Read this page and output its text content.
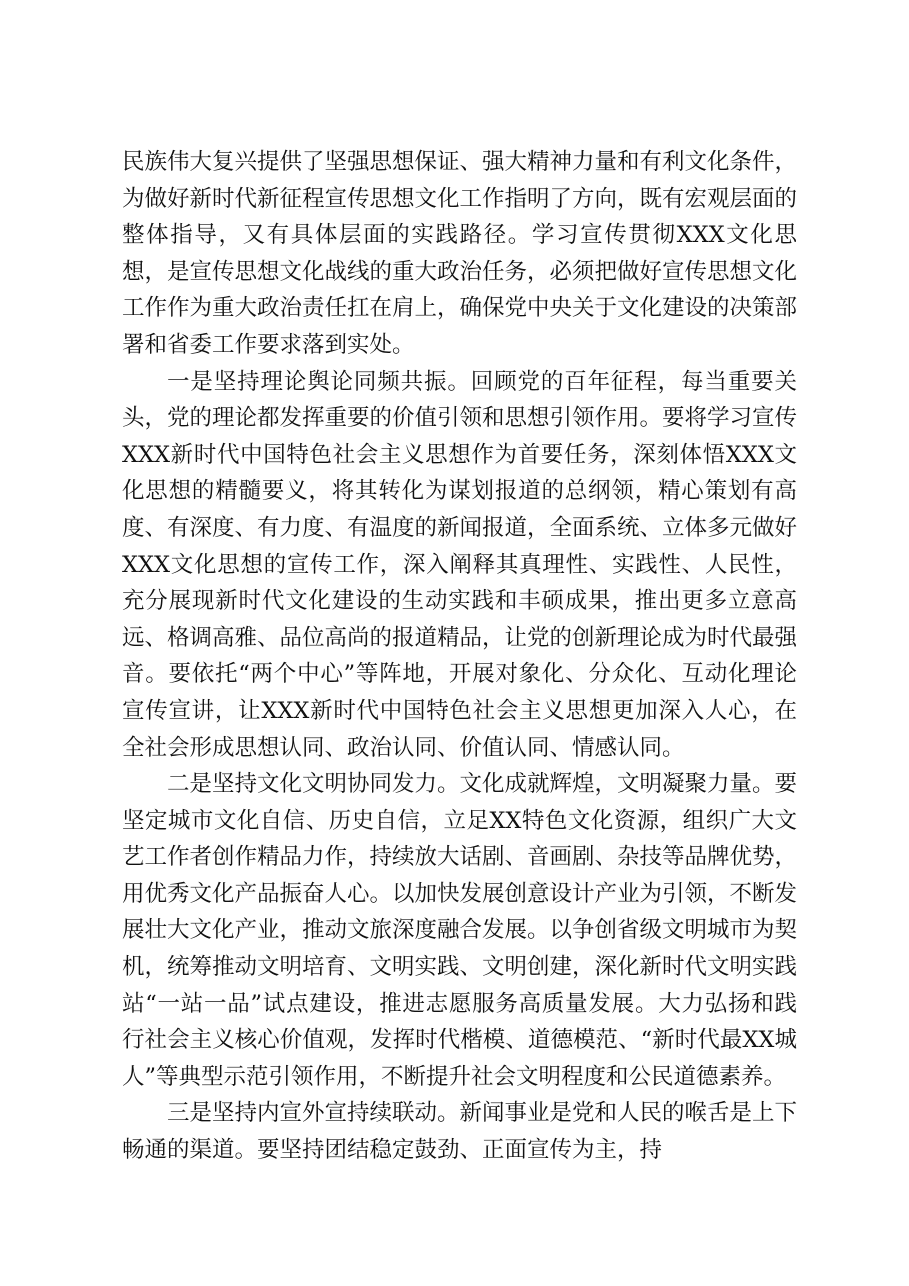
民族伟大复兴提供了坚强思想保证、强大精神力量和有利文化条件，为做好新时代新征程宣传思想文化工作指明了方向，既有宏观层面的整体指导，又有具体层面的实践路径。学习宣传贯彻XXX文化思想，是宣传思想文化战线的重大政治任务，必须把做好宣传思想文化工作作为重大政治责任扛在肩上，确保党中央关于文化建设的决策部署和省委工作要求落到实处。

一是坚持理论舆论同频共振。回顾党的百年征程，每当重要关头，党的理论都发挥重要的价值引领和思想引领作用。要将学习宣传XXX新时代中国特色社会主义思想作为首要任务，深刻体悟XXX文化思想的精髓要义，将其转化为谋划报道的总纲领，精心策划有高度、有深度、有力度、有温度的新闻报道，全面系统、立体多元做好XXX文化思想的宣传工作，深入阐释其真理性、实践性、人民性，充分展现新时代文化建设的生动实践和丰硕成果，推出更多立意高远、格调高雅、品位高尚的报道精品，让党的创新理论成为时代最强音。要依托“两个中心”等阵地，开展对象化、分众化、互动化理论宣传宣讲，让XXX新时代中国特色社会主义思想更加深入人心，在全社会形成思想认同、政治认同、价值认同、情感认同。

二是坚持文化文明协同发力。文化成就辉煌，文明凝聚力量。要坚定城市文化自信、历史自信，立足XX特色文化资源，组织广大文艺工作者创作精品力作，持续放大话剧、音画剧、杂技等品牌优势，用优秀文化产品振奋人心。以加快发展创意设计产业为引领，不断发展壮大文化产业，推动文旅深度融合发展。以争创省级文明城市为契机，统筹推动文明培育、文明实践、文明创建，深化新时代文明实践站“一站一品”试点建设，推进志愿服务高质量发展。大力弘扬和践行社会主义核心价值观，发挥时代楷模、道德模范、“新时代最XX城人”等典型示范引领作用，不断提升社会文明程度和公民道德素养。

三是坚持内宣外宣持续联动。新闻事业是党和人民的喉舌是上下畅通的渠道。要坚持团结稳定鼓劲、正面宣传为主，持
